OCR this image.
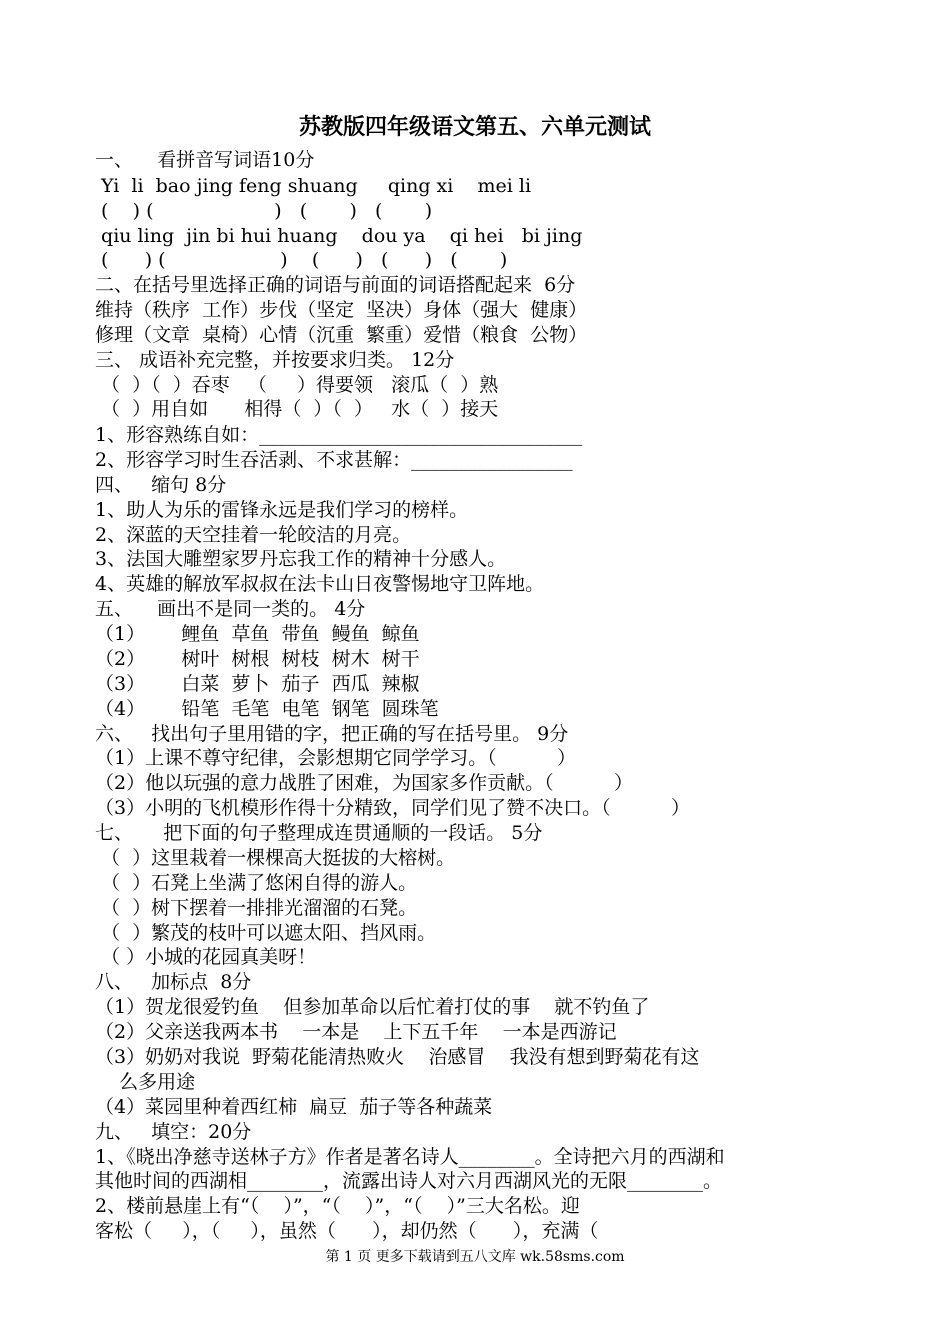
苏教版四年级语文第五、六单元测试
一、    看拼音写词语10分
Yi  li  bao jing feng shuang     qing xi    mei li
(    ) (                    )   (       )   (       )
qiu ling  jin bi hui huang    dou ya    qi hei   bi jing
(      ) (                   )    (      )   (      )   (       )
二、在括号里选择正确的词语与前面的词语搭配起来  6分
维持（秩序  工作）步伐（坚定  坚决）身体（强大  健康）
修理（文章  桌椅）心情（沉重  繁重）爱惜（粮食  公物）
三、 成语补充完整，并按要求归类。 12分
（  ）（  ）吞枣   （     ）得要领   滚瓜（  ）熟
（  ）用自如      相得（  ）（  ）   水（  ）接天
1、形容熟练自如：__________________________________
2、形容学习时生吞活剥、不求甚解：_________________
四、   缩句 8分
1、助人为乐的雷锋永远是我们学习的榜样。
2、深蓝的天空挂着一轮皎洁的月亮。
3、法国大雕塑家罗丹忘我工作的精神十分感人。
4、英雄的解放军叔叔在法卡山日夜警惕地守卫阵地。
五、    画出不是同一类的。 4分
（1）      鲤鱼  草鱼  带鱼  鳗鱼  鲸鱼
（2）      树叶  树根  树枝  树木  树干
（3）      白菜  萝卜  茄子  西瓜  辣椒
（4）      铅笔  毛笔  电笔  钢笔  圆珠笔
六、   找出句子里用错的字，把正确的写在括号里。 9分
（1）上课不尊守纪律，会影想期它同学学习。（          ）
（2）他以玩强的意力战胜了困难，为国家多作贡献。（          ）
（3）小明的飞机模形作得十分精致，同学们见了赞不决口。（          ）
七、     把下面的句子整理成连贯通顺的一段话。 5分
（  ）这里栽着一棵棵高大挺拔的大榕树。
（  ）石凳上坐满了悠闲自得的游人。
（  ）树下摆着一排排光溜溜的石凳。
（  ）繁茂的枝叶可以遮太阳、挡风雨。
（ ）小城的花园真美呀！
八、   加标点  8分
（1）贺龙很爱钓鱼    但参加革命以后忙着打仗的事    就不钓鱼了
（2）父亲送我两本书    一本是    上下五千年    一本是西游记
（3）奶奶对我说  野菊花能清热败火    治感冒    我没有想到野菊花有这
么多用途
（4）菜园里种着西红柿  扁豆  茄子等各种蔬菜
九、   填空：20分
1、《晓出净慈寺送林子方》作者是著名诗人________。全诗把六月的西湖和
其他时间的西湖相________，流露出诗人对六月西湖风光的无限________。
2、楼前悬崖上有“（    ）”，“（    ）”，“（    ）”三大名松。迎
客松（     ），（     ），虽然（      ），却仍然（      ），充满（
第 1 页 更多下载请到五八文库 wk.58sms.com
